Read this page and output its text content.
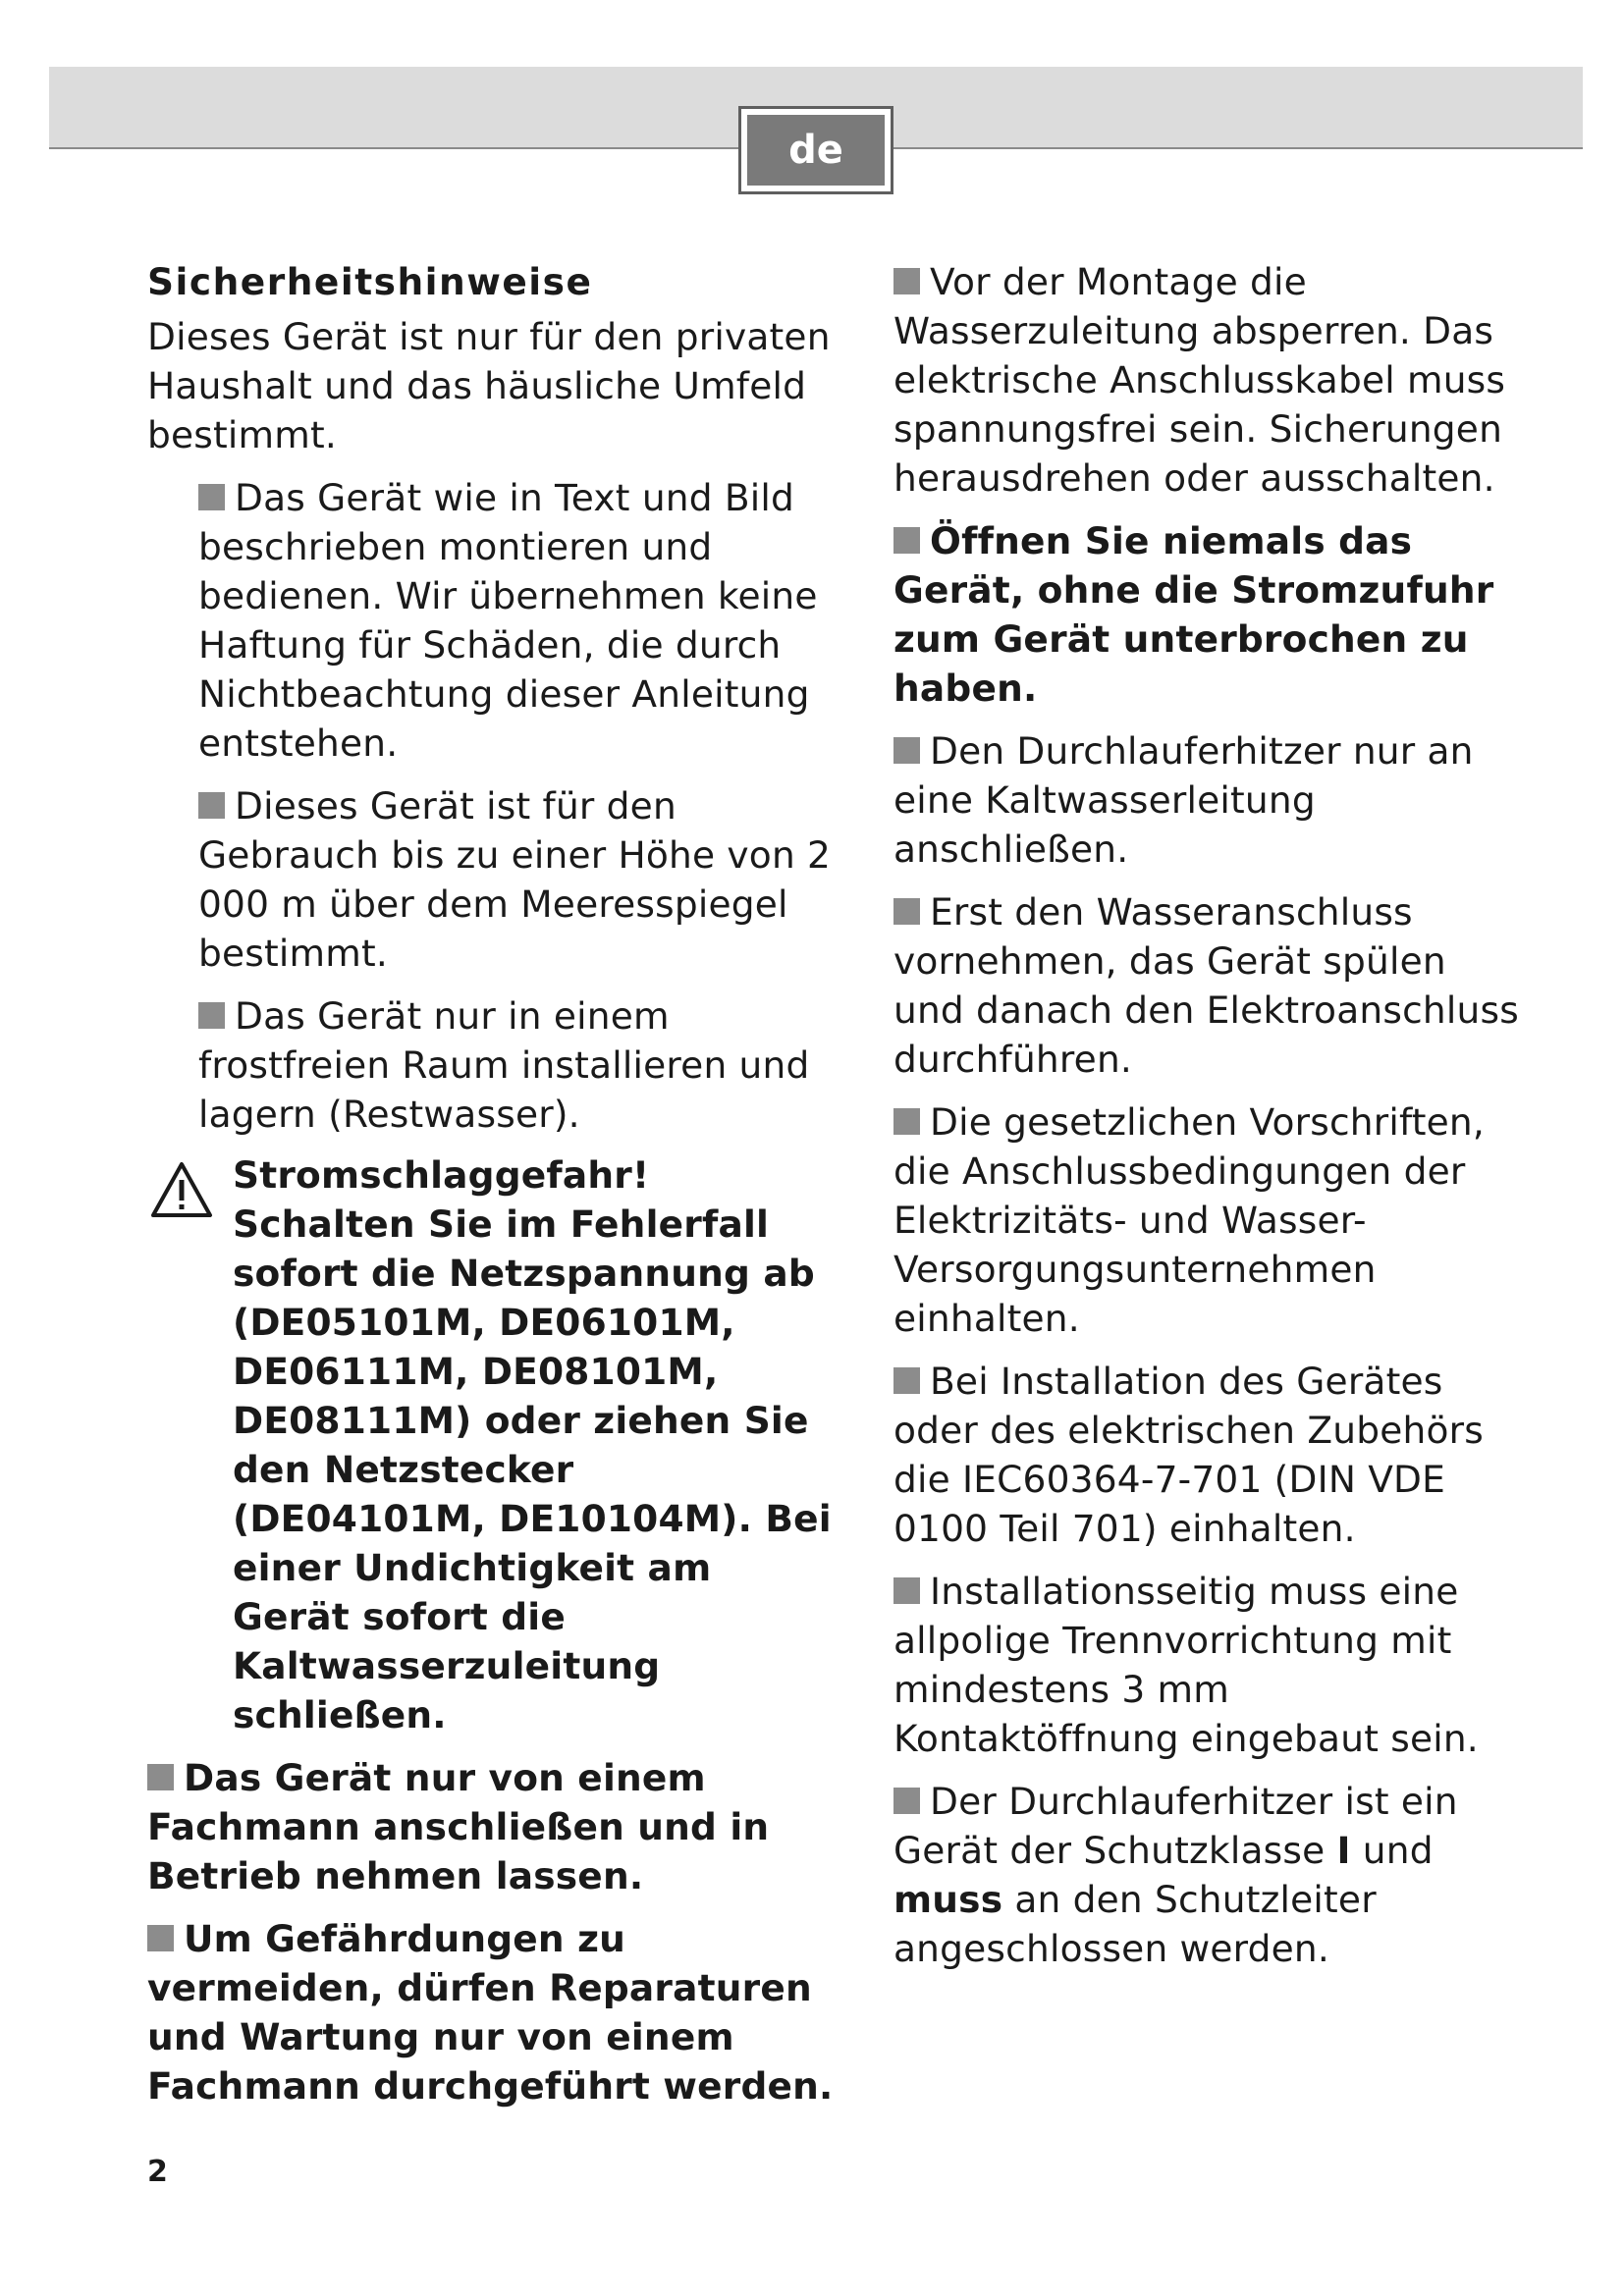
de
Sicherheitshinweise

Dieses Gerät ist nur für den privaten Haushalt und das häusliche Umfeld bestimmt.

Das Gerät wie in Text und Bild beschrieben montieren und bedienen. Wir übernehmen keine Haftung für Schäden, die durch Nichtbeachtung dieser Anleitung entstehen.
Dieses Gerät ist für den Gebrauch bis zu einer Höhe von 2 000 m über dem Meeresspiegel bestimmt.
Das Gerät nur in einem frostfreien Raum installieren und lagern (Restwasser).
Stromschlaggefahr! Schalten Sie im Fehlerfall sofort die Netzspannung ab (DE05101M, DE06101M, DE06111M, DE08101M, DE08111M) oder ziehen Sie den Netzstecker (DE04101M, DE10104M). Bei einer Undichtigkeit am Gerät sofort die Kaltwasserzuleitung schließen.
Das Gerät nur von einem Fachmann anschließen und in Betrieb nehmen lassen.
Um Gefährdungen zu vermeiden, dürfen Reparaturen und Wartung nur von einem Fachmann durchgeführt werden.
Vor der Montage die Wasserzuleitung absperren. Das elektrische Anschlusskabel muss spannungsfrei sein. Sicherungen herausdrehen oder ausschalten.
Öffnen Sie niemals das Gerät, ohne die Stromzufuhr zum Gerät unterbrochen zu haben.
Den Durchlauferhitzer nur an eine Kaltwasserleitung anschließen.
Erst den Wasseranschluss vornehmen, das Gerät spülen und danach den Elektroanschluss durchführen.
Die gesetzlichen Vorschriften, die Anschlussbedingungen der Elektrizitäts- und Wasser-Versorgungsunternehmen einhalten.
Bei Installation des Gerätes oder des elektrischen Zubehörs die IEC60364-7-701 (DIN VDE 0100 Teil 701) einhalten.
Installationsseitig muss eine allpolige Trennvorrichtung mit mindestens 3 mm Kontaktöffnung eingebaut sein.
Der Durchlauferhitzer ist ein Gerät der Schutzklasse I und muss an den Schutzleiter angeschlossen werden.
2
